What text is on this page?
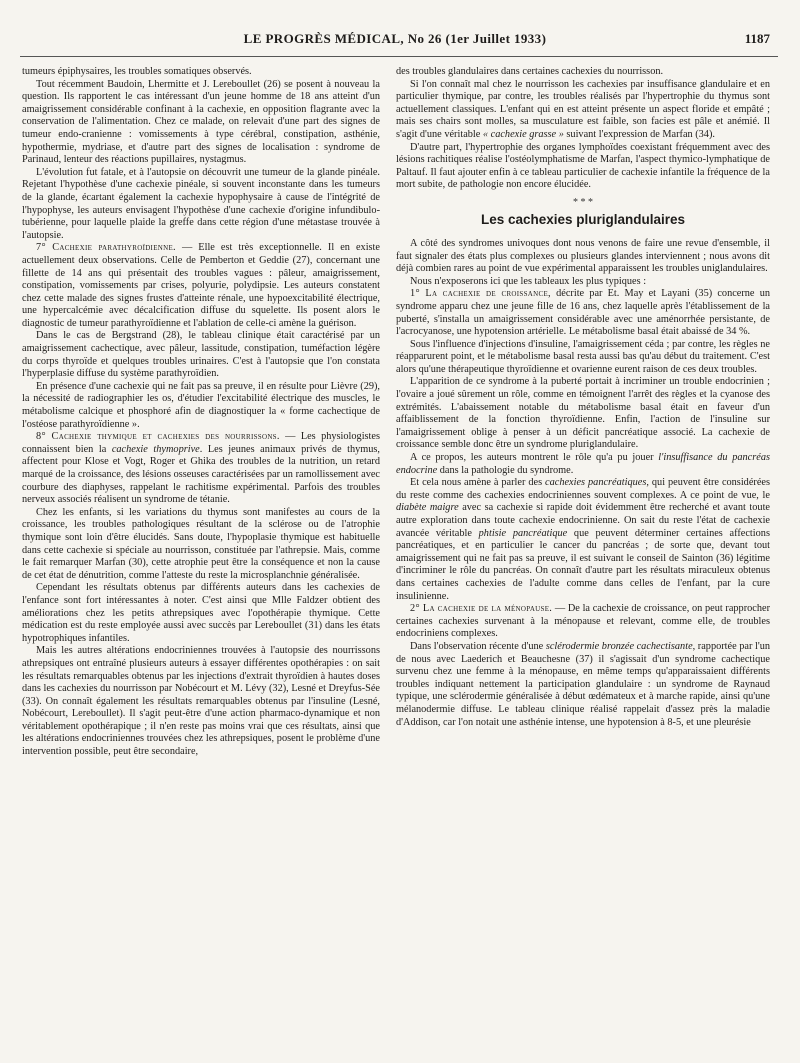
LE PROGRÈS MÉDICAL, No 26 (1er Juillet 1933)	1187

tumeurs épiphysaires, les troubles somatiques observés.

Tout récemment Baudoin, Lhermitte et J. Lereboullet (26) se posent à nouveau la question. Ils rapportent le cas intéressant d'un jeune homme de 18 ans atteint d'un amaigrissement considérable confinant à la cachexie, en opposition flagrante avec la conservation de l'alimentation. Chez ce malade, on relevait d'une part des signes de tumeur endo-cranienne : vomissements à type cérébral, constipation, asthénie, hypothermie, mydriase, et d'autre part des signes de localisation : syndrome de Parinaud, lenteur des réactions pupillaires, nystagmus.

L'évolution fut fatale, et à l'autopsie on découvrit une tumeur de la glande pinéale. Rejetant l'hypothèse d'une cachexie pinéale, si souvent inconstante dans les tumeurs de la glande, écartant également la cachexie hypophysaire à cause de l'intégrité de l'hypophyse, les auteurs envisagent l'hypothèse d'une cachexie d'origine infundibulo-tubérienne, pour laquelle plaide la greffe dans cette région d'une métastase trouvée à l'autopsie.

7° Cachexie parathyroïdienne. — Elle est très exceptionnelle. Il en existe actuellement deux observations. Celle de Pemberton et Geddie (27), concernant une fillette de 14 ans qui présentait des troubles vagues : pâleur, amaigrissement, constipation, vomissements par crises, polyurie, polydipsie. Les auteurs constatent chez cette malade des signes frustes d'atteinte rénale, une hypoexcitabilité électrique, une hypercalcémie avec décalcification diffuse du squelette. Ils posent alors le diagnostic de tumeur parathyroïdienne et l'ablation de celle-ci amène la guérison.

Dans le cas de Bergstrand (28), le tableau clinique était caractérisé par un amaigrissement cachectique, avec pâleur, lassitude, constipation, tuméfaction légère du corps thyroïde et quelques troubles urinaires. C'est à l'autopsie que l'on constata l'hyperplasie diffuse du système parathyroïdien.

En présence d'une cachexie qui ne fait pas sa preuve, il en résulte pour Lièvre (29), la nécessité de radiographier les os, d'étudier l'excitabilité électrique des muscles, le métabolisme calcique et phosphoré afin de diagnostiquer la « forme cachectique de l'ostéose parathyroïdienne ».

8° Cachexie thymique et cachexies des nourrissons. — Les physiologistes connaissent bien la cachexie thymoprive. Les jeunes animaux privés de thymus, affectent pour Klose et Vogt, Roger et Ghika des troubles de la nutrition, un retard marqué de la croissance, des lésions osseuses caractérisées par un ramollissement avec courbure des diaphyses, rappelant le rachitisme expérimental. Parfois des troubles nerveux associés réalisent un syndrome de tétanie.

Chez les enfants, si les variations du thymus sont manifestes au cours de la croissance, les troubles pathologiques résultant de la sclérose ou de l'atrophie thymique sont loin d'être élucidés. Sans doute, l'hypoplasie thymique est habituelle dans cette cachexie si spéciale au nourrisson, constituée par l'athrepsie. Mais, comme le fait remarquer Marfan (30), cette atrophie peut être la conséquence et non la cause de cet état de dénutrition, comme l'atteste du reste la microsplanchnie généralisée.

Cependant les résultats obtenus par différents auteurs dans les cachexies de l'enfance sont fort intéressantes à noter. C'est ainsi que Mlle Faldzer obtient des améliorations chez les petits athrepsiques avec l'opothérapie thymique. Cette médication est du reste employée aussi avec succès par Lereboullet (31) dans les états hypotrophiques infantiles.

Mais les autres altérations endocriniennes trouvées à l'autopsie des nourrissons athrepsiques ont entraîné plusieurs auteurs à essayer différentes opothérapies : on sait les résultats remarquables obtenus par les injections d'extrait thyroïdien à hautes doses dans les cachexies du nourrisson par Nobécourt et M. Lévy (32), Lesné et Dreyfus-Sée (33). On connaît également les résultats remarquables obtenus par l'insuline (Lesné, Nobécourt, Lereboullet). Il s'agit peut-être d'une action pharmaco-dynamique et non véritablement opothérapique ; il n'en reste pas moins vrai que ces résultats, ainsi que les altérations endocriniennes trouvées chez les athrepsiques, posent le problème d'une intervention possible, peut être secondaire,

des troubles glandulaires dans certaines cachexies du nourrisson.

Si l'on connaît mal chez le nourrisson les cachexies par insuffisance glandulaire et en particulier thymique, par contre, les troubles réalisés par l'hypertrophie du thymus sont actuellement classiques. L'enfant qui en est atteint présente un aspect floride et empâté ; mais ses chairs sont molles, sa musculature est faible, son facies est pâle et anémié. Il s'agit d'une véritable « cachexie grasse » suivant l'expression de Marfan (34).

D'autre part, l'hypertrophie des organes lymphoïdes coexistant fréquemment avec des lésions rachitiques réalise l'ostéolymphatisme de Marfan, l'aspect thymico-lymphatique de Paltauf. Il faut ajouter enfin à ce tableau particulier de cachexie infantile la fréquence de la mort subite, de pathologie non encore élucidée.

* * *
Les cachexies pluriglandulaires

A côté des syndromes univoques dont nous venons de faire une revue d'ensemble, il faut signaler des états plus complexes ou plusieurs glandes interviennent ; nous avons dit déjà combien rares au point de vue expérimental apparaissent les troubles uniglandulaires.

Nous n'exposerons ici que les tableaux les plus typiques :

1° La cachexie de croissance, décrite par Et. May et Layani (35) concerne un syndrome apparu chez une jeune fille de 16 ans, chez laquelle après l'établissement de la puberté, s'installa un amaigrissement considérable avec une aménorrhée persistante, de l'acrocyanose, une hypotension artérielle. Le métabolisme basal était abaissé de 34 %.

Sous l'influence d'injections d'insuline, l'amaigrissement céda ; par contre, les règles ne réapparurent point, et le métabolisme basal resta aussi bas qu'au début du traitement. C'est alors qu'une thérapeutique thyroïdienne et ovarienne eurent raison de ces deux troubles.

L'apparition de ce syndrome à la puberté portait à incriminer un trouble endocrinien ; l'ovaire a joué sûrement un rôle, comme en témoignent l'arrêt des règles et la cyanose des extrémités. L'abaissement notable du métabolisme basal était en faveur d'un affaiblissement de la fonction thyroïdienne. Enfin, l'action de l'insuline sur l'amaigrissement oblige à penser à un déficit pancréatique associé. La cachexie de croissance semble donc être un syndrome pluriglandulaire.

A ce propos, les auteurs montrent le rôle qu'a pu jouer l'insuffisance du pancréas endocrine dans la pathologie du syndrome.

Et cela nous amène à parler des cachexies pancréatiques, qui peuvent être considérées du reste comme des cachexies endocriniennes souvent complexes. A ce point de vue, le diabète maigre avec sa cachexie si rapide doit évidemment être recherché et avant toute autre exploration dans toute cachexie endocrinienne. On sait du reste l'état de cachexie avancée véritable phtisie pancréatique que peuvent déterminer certaines affections pancréatiques, et en particulier le cancer du pancréas ; de sorte que, devant tout amaigrissement qui ne fait pas sa preuve, il est suivant le conseil de Sainton (36) légitime d'incriminer le rôle du pancréas. On connaît d'autre part les résultats miraculeux obtenus dans certaines cachexies de l'adulte comme dans celles de l'enfant, par la cure insulinienne.

2° La cachexie de la ménopause. — De la cachexie de croissance, on peut rapprocher certaines cachexies survenant à la ménopause et relevant, comme elle, de troubles endocriniens complexes.

Dans l'observation récente d'une sclérodermie bronzée cachectisante, rapportée par l'un de nous avec Laederich et Beauchesne (37) il s'agissait d'un syndrome cachectique survenu chez une femme à la ménopause, en même temps qu'apparaissaient différents troubles indiquant nettement la participation glandulaire : un syndrome de Raynaud typique, une sclérodermie généralisée à début œdémateux et à marche rapide, ainsi qu'une mélanodermie diffuse. Le tableau clinique réalisé rappelait d'assez près la maladie d'Addison, car l'on notait une asthénie intense, une hypotension à 8-5, et une pleurésie
